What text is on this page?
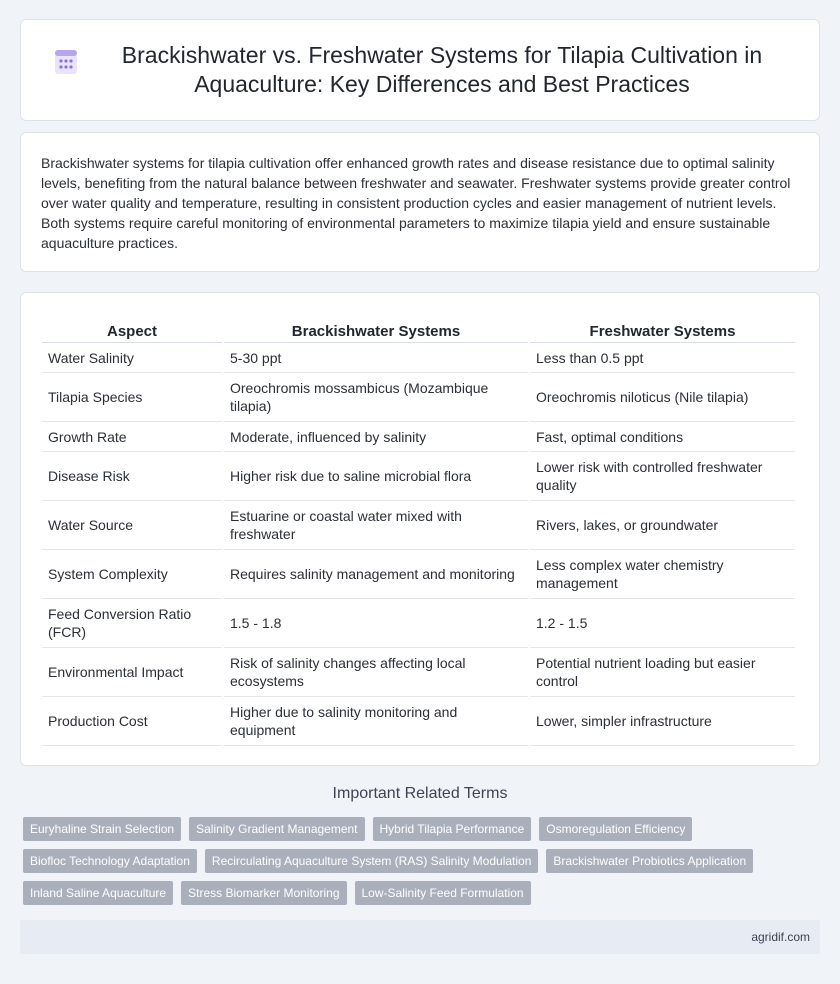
Brackishwater vs. Freshwater Systems for Tilapia Cultivation in Aquaculture: Key Differences and Best Practices

Brackishwater systems for tilapia cultivation offer enhanced growth rates and disease resistance due to optimal salinity levels, benefiting from the natural balance between freshwater and seawater. Freshwater systems provide greater control over water quality and temperature, resulting in consistent production cycles and easier management of nutrient levels. Both systems require careful monitoring of environmental parameters to maximize tilapia yield and ensure sustainable aquaculture practices.

Aspect	Brackishwater Systems	Freshwater Systems
Water Salinity	5-30 ppt	Less than 0.5 ppt
Tilapia Species	Oreochromis mossambicus (Mozambique tilapia)	Oreochromis niloticus (Nile tilapia)
Growth Rate	Moderate, influenced by salinity	Fast, optimal conditions
Disease Risk	Higher risk due to saline microbial flora	Lower risk with controlled freshwater quality
Water Source	Estuarine or coastal water mixed with freshwater	Rivers, lakes, or groundwater
System Complexity	Requires salinity management and monitoring	Less complex water chemistry management
Feed Conversion Ratio (FCR)	1.5 - 1.8	1.2 - 1.5
Environmental Impact	Risk of salinity changes affecting local ecosystems	Potential nutrient loading but easier control
Production Cost	Higher due to salinity monitoring and equipment	Lower, simpler infrastructure
Important Related Terms
Euryhaline Strain Selection	Salinity Gradient Management	Hybrid Tilapia Performance	Osmoregulation Efficiency
Biofloc Technology Adaptation	Recirculating Aquaculture System (RAS) Salinity Modulation	Brackishwater Probiotics Application
Inland Saline Aquaculture	Stress Biomarker Monitoring	Low-Salinity Feed Formulation
agridif.com
